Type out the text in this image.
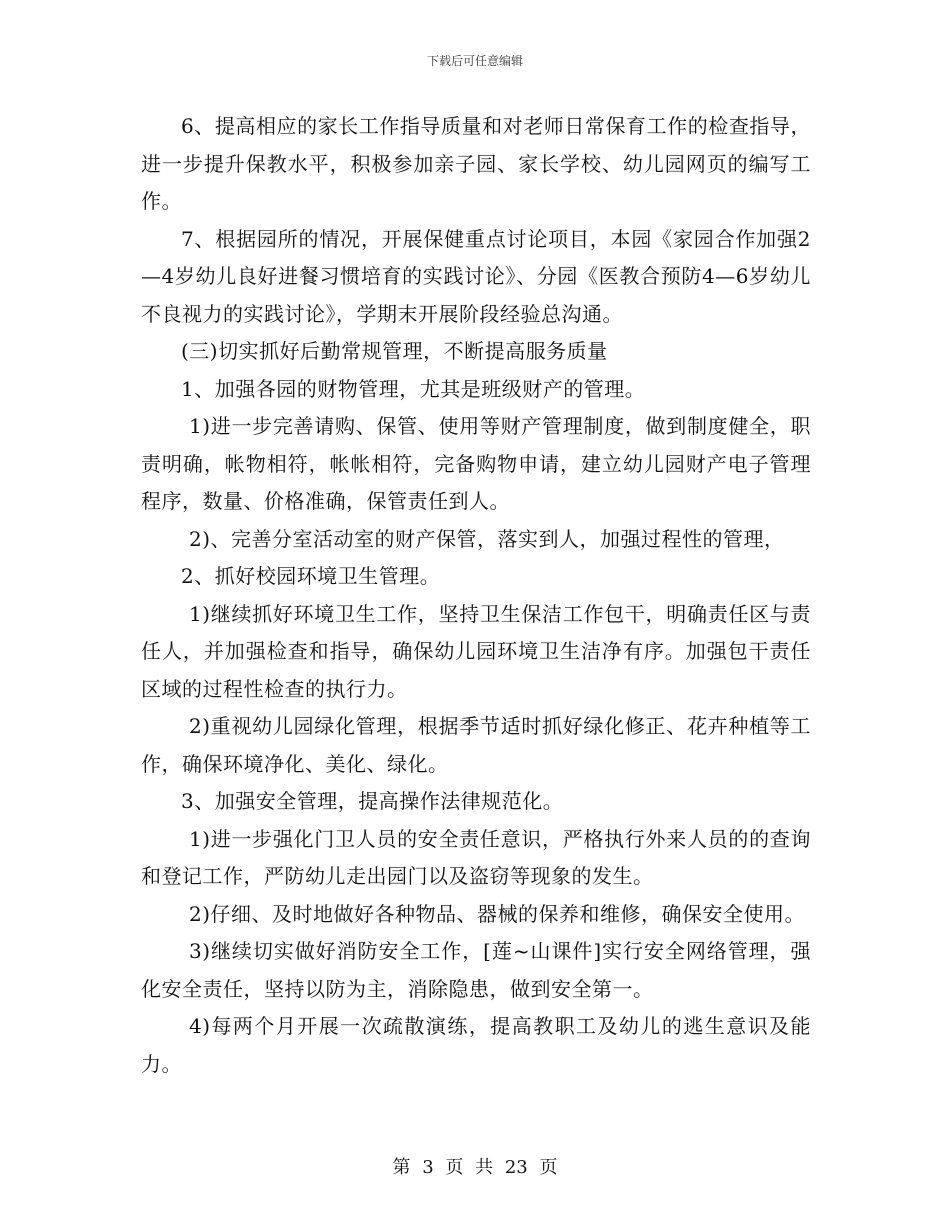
下载后可任意编辑

6、提高相应的家长工作指导质量和对老师日常保育工作的检查指导，进一步提升保教水平，积极参加亲子园、家长学校、幼儿园网页的编写工作。

7、根据园所的情况，开展保健重点讨论项目，本园《家园合作加强2—4岁幼儿良好进餐习惯培育的实践讨论》、分园《医教合预防4—6岁幼儿不良视力的实践讨论》，学期末开展阶段经验总沟通。

(三)切实抓好后勤常规管理，不断提高服务质量

1、加强各园的财物管理，尤其是班级财产的管理。

1)进一步完善请购、保管、使用等财产管理制度，做到制度健全，职责明确，帐物相符，帐帐相符，完备购物申请，建立幼儿园财产电子管理程序，数量、价格准确，保管责任到人。

2)、完善分室活动室的财产保管，落实到人，加强过程性的管理，

2、抓好校园环境卫生管理。

1)继续抓好环境卫生工作，坚持卫生保洁工作包干，明确责任区与责任人，并加强检查和指导，确保幼儿园环境卫生洁净有序。加强包干责任区域的过程性检查的执行力。

2)重视幼儿园绿化管理，根据季节适时抓好绿化修正、花卉种植等工作，确保环境净化、美化、绿化。

3、加强安全管理，提高操作法律规范化。

1)进一步强化门卫人员的安全责任意识，严格执行外来人员的的查询和登记工作，严防幼儿走出园门以及盗窃等现象的发生。

2)仔细、及时地做好各种物品、器械的保养和维修，确保安全使用。

3)继续切实做好消防安全工作，[莲~山课件]实行安全网络管理，强化安全责任，坚持以防为主，消除隐患，做到安全第一。

4)每两个月开展一次疏散演练，提高教职工及幼儿的逃生意识及能力。

第 3 页 共 23 页
